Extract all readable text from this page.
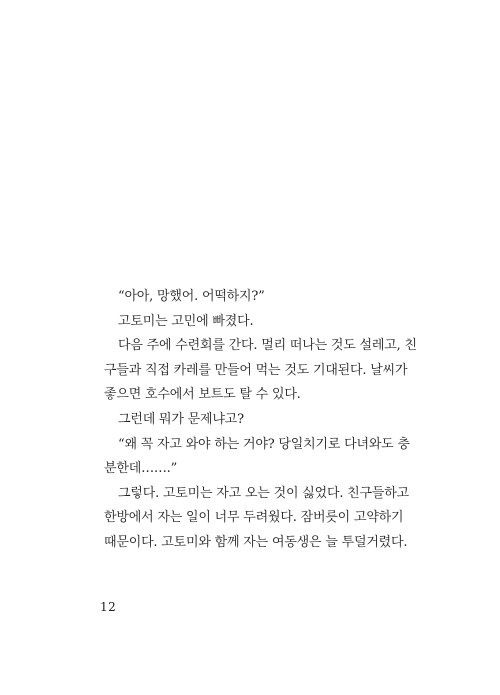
“아아, 망했어. 어떡하지?”
고토미는 고민에 빠졌다.
다음 주에 수련회를 간다. 멀리 떠나는 것도 설레고, 친
구들과 직접 카레를 만들어 먹는 것도 기대된다. 날씨가
좋으면 호수에서 보트도 탈 수 있다.
그런데 뭐가 문제냐고?
“왜 꼭 자고 와야 하는 거야? 당일치기로 다녀와도 충
분한데…….”
그렇다. 고토미는 자고 오는 것이 싫었다. 친구들하고
한방에서 자는 일이 너무 두려웠다. 잠버릇이 고약하기
때문이다. 고토미와 함께 자는 여동생은 늘 투덜거렸다.
12
